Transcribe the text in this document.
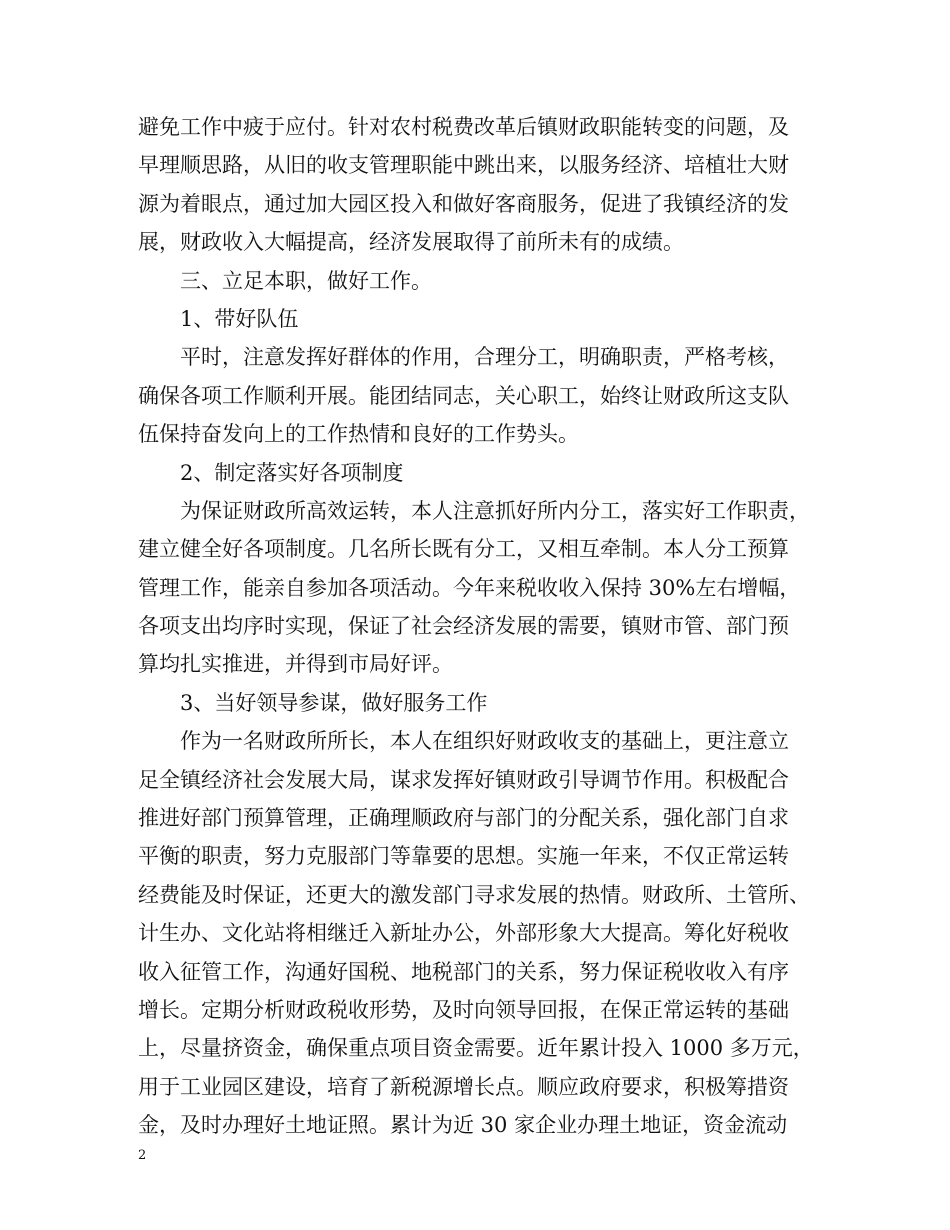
避免工作中疲于应付。针对农村税费改革后镇财政职能转变的问题，及
早理顺思路，从旧的收支管理职能中跳出来，以服务经济、培植壮大财
源为着眼点，通过加大园区投入和做好客商服务，促进了我镇经济的发
展，财政收入大幅提高，经济发展取得了前所未有的成绩。
三、立足本职，做好工作。
1、带好队伍
平时，注意发挥好群体的作用，合理分工，明确职责，严格考核，
确保各项工作顺利开展。能团结同志，关心职工，始终让财政所这支队
伍保持奋发向上的工作热情和良好的工作势头。
2、制定落实好各项制度
为保证财政所高效运转，本人注意抓好所内分工，落实好工作职责，
建立健全好各项制度。几名所长既有分工，又相互牵制。本人分工预算
管理工作，能亲自参加各项活动。今年来税收收入保持 30%左右增幅，
各项支出均序时实现，保证了社会经济发展的需要，镇财市管、部门预
算均扎实推进，并得到市局好评。
3、当好领导参谋，做好服务工作
作为一名财政所所长，本人在组织好财政收支的基础上，更注意立
足全镇经济社会发展大局，谋求发挥好镇财政引导调节作用。积极配合
推进好部门预算管理，正确理顺政府与部门的分配关系，强化部门自求
平衡的职责，努力克服部门等靠要的思想。实施一年来，不仅正常运转
经费能及时保证，还更大的激发部门寻求发展的热情。财政所、土管所、
计生办、文化站将相继迁入新址办公，外部形象大大提高。筹化好税收
收入征管工作，沟通好国税、地税部门的关系，努力保证税收收入有序
增长。定期分析财政税收形势，及时向领导回报，在保正常运转的基础
上，尽量挤资金，确保重点项目资金需要。近年累计投入 1000 多万元，
用于工业园区建设，培育了新税源增长点。顺应政府要求，积极筹措资
金，及时办理好土地证照。累计为近 30 家企业办理土地证，资金流动
2
